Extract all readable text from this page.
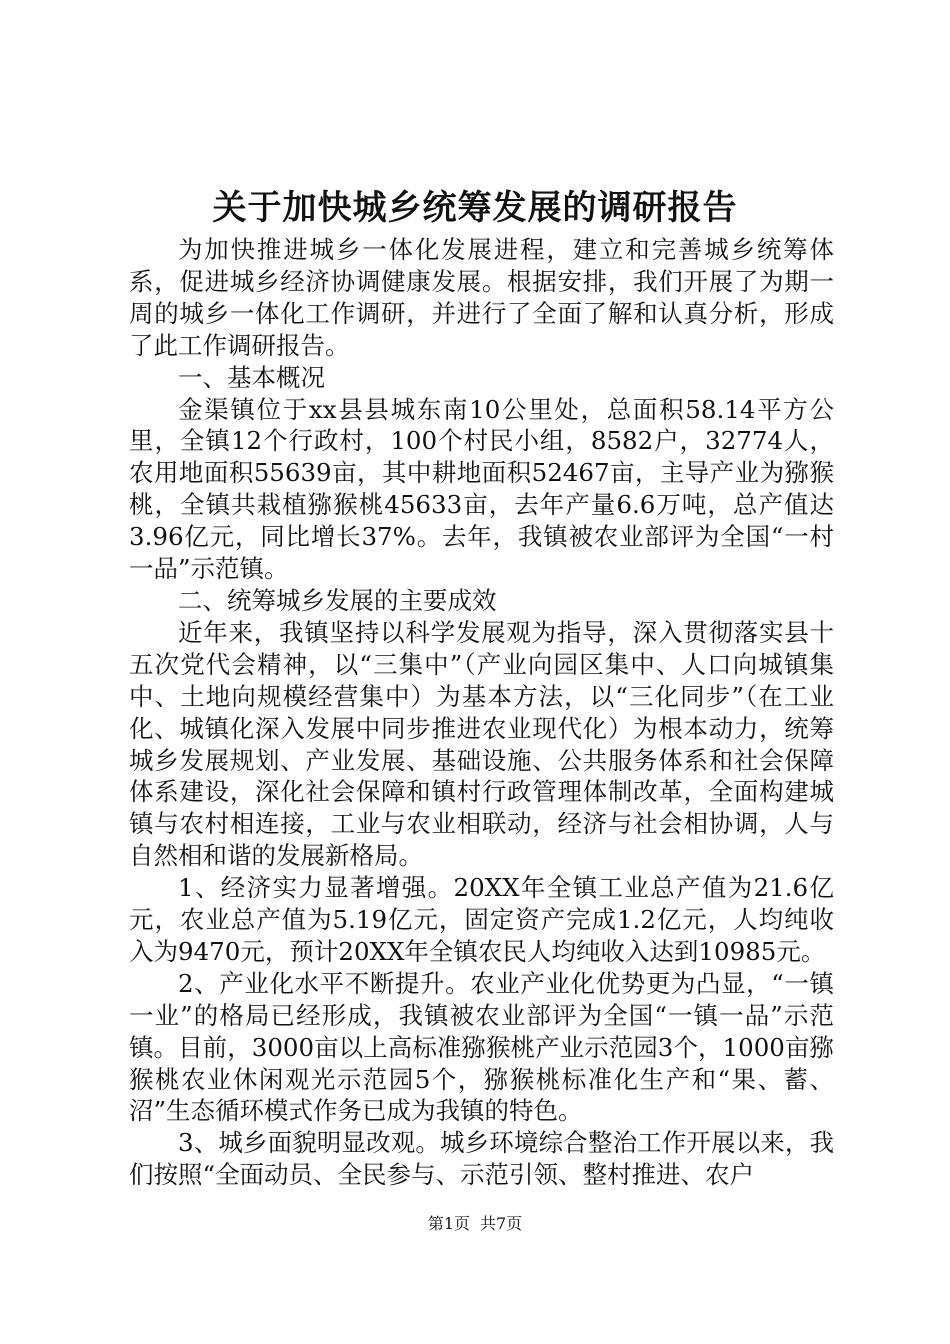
关于加快城乡统筹发展的调研报告

为加快推进城乡一体化发展进程，建立和完善城乡统筹体系，促进城乡经济协调健康发展。根据安排，我们开展了为期一周的城乡一体化工作调研，并进行了全面了解和认真分析，形成了此工作调研报告。

一、基本概况

金渠镇位于xx县县城东南10公里处，总面积58.14平方公里，全镇12个行政村，100个村民小组，8582户，32774人，农用地面积55639亩，其中耕地面积52467亩，主导产业为猕猴桃，全镇共栽植猕猴桃45633亩，去年产量6.6万吨，总产值达3.96亿元，同比增长37%。去年，我镇被农业部评为全国“一村一品”示范镇。

二、统筹城乡发展的主要成效

近年来，我镇坚持以科学发展观为指导，深入贯彻落实县十五次党代会精神，以“三集中”（产业向园区集中、人口向城镇集中、土地向规模经营集中）为基本方法，以“三化同步”（在工业化、城镇化深入发展中同步推进农业现代化）为根本动力，统筹城乡发展规划、产业发展、基础设施、公共服务体系和社会保障体系建设，深化社会保障和镇村行政管理体制改革，全面构建城镇与农村相连接，工业与农业相联动，经济与社会相协调，人与自然相和谐的发展新格局。

1、经济实力显著增强。20XX年全镇工业总产值为21.6亿元，农业总产值为5.19亿元，固定资产完成1.2亿元，人均纯收入为9470元，预计20XX年全镇农民人均纯收入达到10985元。

2、产业化水平不断提升。农业产业化优势更为凸显，“一镇一业”的格局已经形成，我镇被农业部评为全国“一镇一品”示范镇。目前，3000亩以上高标准猕猴桃产业示范园3个，1000亩猕猴桃农业休闲观光示范园5个，猕猴桃标准化生产和“果、蓄、沼”生态循环模式作务已成为我镇的特色。

3、城乡面貌明显改观。城乡环境综合整治工作开展以来，我们按照“全面动员、全民参与、示范引领、整村推进、农户

第1页 共7页
